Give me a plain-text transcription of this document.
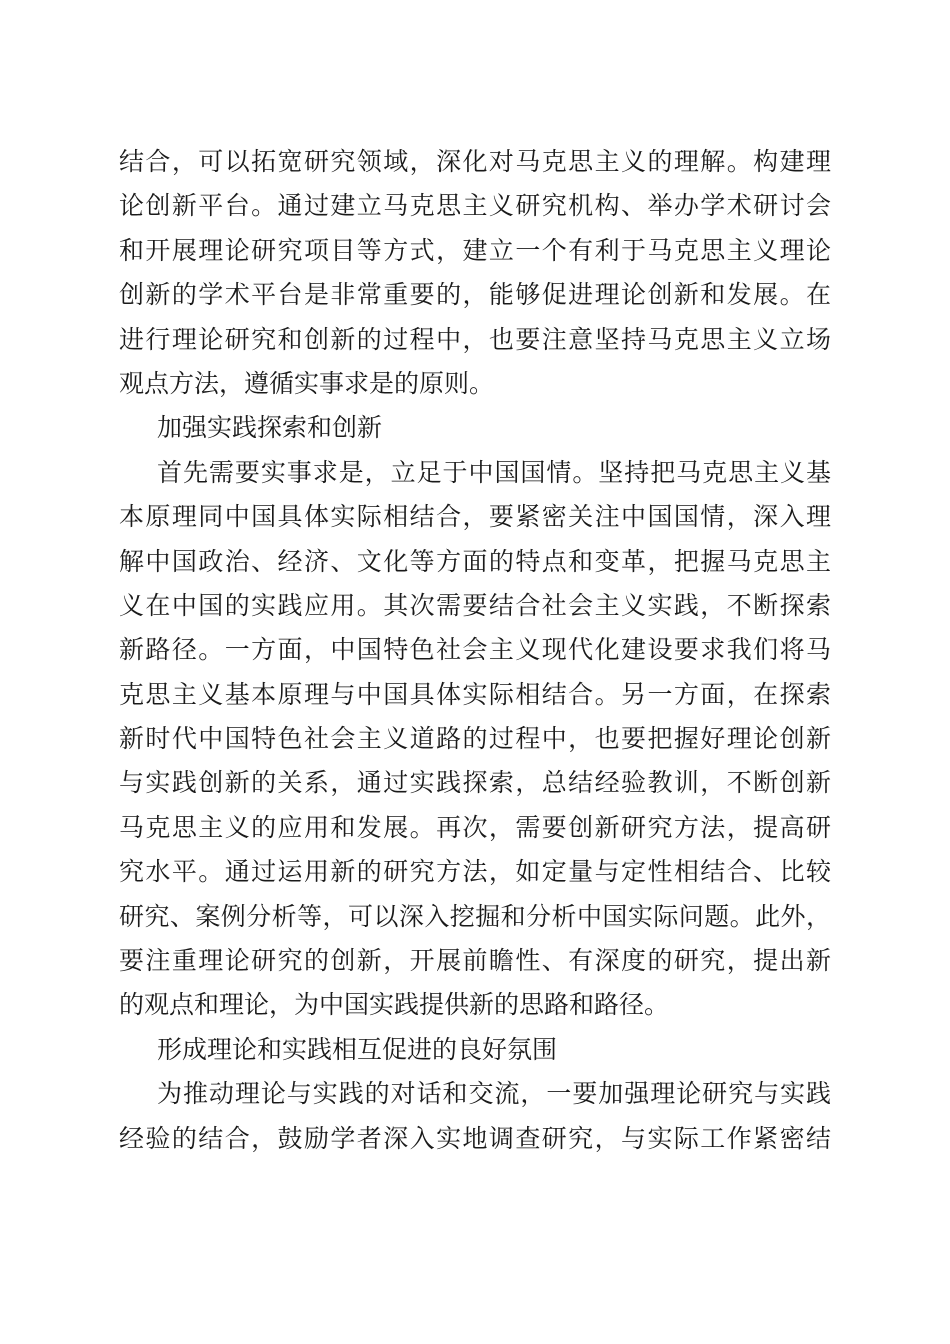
结合，可以拓宽研究领域，深化对马克思主义的理解。构建理
论创新平台。通过建立马克思主义研究机构、举办学术研讨会
和开展理论研究项目等方式，建立一个有利于马克思主义理论
创新的学术平台是非常重要的，能够促进理论创新和发展。在
进行理论研究和创新的过程中，也要注意坚持马克思主义立场
观点方法，遵循实事求是的原则。
加强实践探索和创新
首先需要实事求是，立足于中国国情。坚持把马克思主义基
本原理同中国具体实际相结合，要紧密关注中国国情，深入理
解中国政治、经济、文化等方面的特点和变革，把握马克思主
义在中国的实践应用。其次需要结合社会主义实践，不断探索
新路径。一方面，中国特色社会主义现代化建设要求我们将马
克思主义基本原理与中国具体实际相结合。另一方面，在探索
新时代中国特色社会主义道路的过程中，也要把握好理论创新
与实践创新的关系，通过实践探索，总结经验教训，不断创新
马克思主义的应用和发展。再次，需要创新研究方法，提高研
究水平。通过运用新的研究方法，如定量与定性相结合、比较
研究、案例分析等，可以深入挖掘和分析中国实际问题。此外，
要注重理论研究的创新，开展前瞻性、有深度的研究，提出新
的观点和理论，为中国实践提供新的思路和路径。
形成理论和实践相互促进的良好氛围
为推动理论与实践的对话和交流，一要加强理论研究与实践
经验的结合，鼓励学者深入实地调查研究，与实际工作紧密结
